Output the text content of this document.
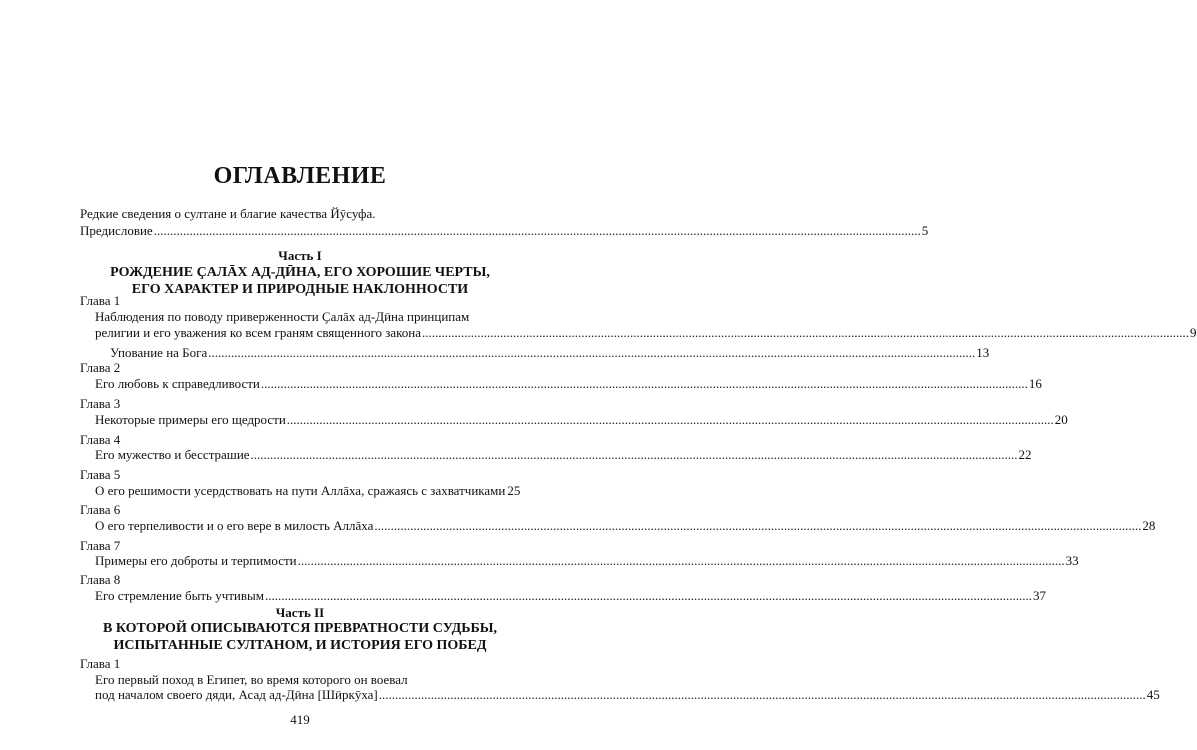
ОГЛАВЛЕНИЕ
Редкие сведения о султане и благие качества Йӯсуфа.
Предисловие .....	5
Часть I
РОЖДЕНИЕ ҪАЛĀХ АД-ДӢНА, ЕГО ХОРОШИЕ ЧЕРТЫ,
ЕГО ХАРАКТЕР И ПРИРОДНЫЕ НАКЛОННОСТИ
Глава 1
Наблюдения по поводу приверженности Ҫалāх ад-Дӣна принципам
религии и его уважения ко всем граням священного закона .....	9
Упование на Бога .....	13
Глава 2
Его любовь к справедливости .....	16
Глава 3
Некоторые примеры его щедрости .....	20
Глава 4
Его мужество и бесстрашие .....	22
Глава 5
О его решимости усердствовать на пути Аллāха, сражаясь с захватчиками 25
Глава 6
О его терпеливости и о его вере в милость Аллāха .....	28
Глава 7
Примеры его доброты и терпимости .....	33
Глава 8
Его стремление быть учтивым .....	37
Часть II
В КОТОРОЙ ОПИСЫВАЮТСЯ ПРЕВРАТНОСТИ СУДЬБЫ,
ИСПЫТАННЫЕ СУЛТАНОМ, И ИСТОРИЯ ЕГО ПОБЕД
Глава 1
Его первый поход в Египет, во время которого он воевал
под началом своего дяди, Асад ад-Дӣна [Шӣркӯха] .....	45
419
